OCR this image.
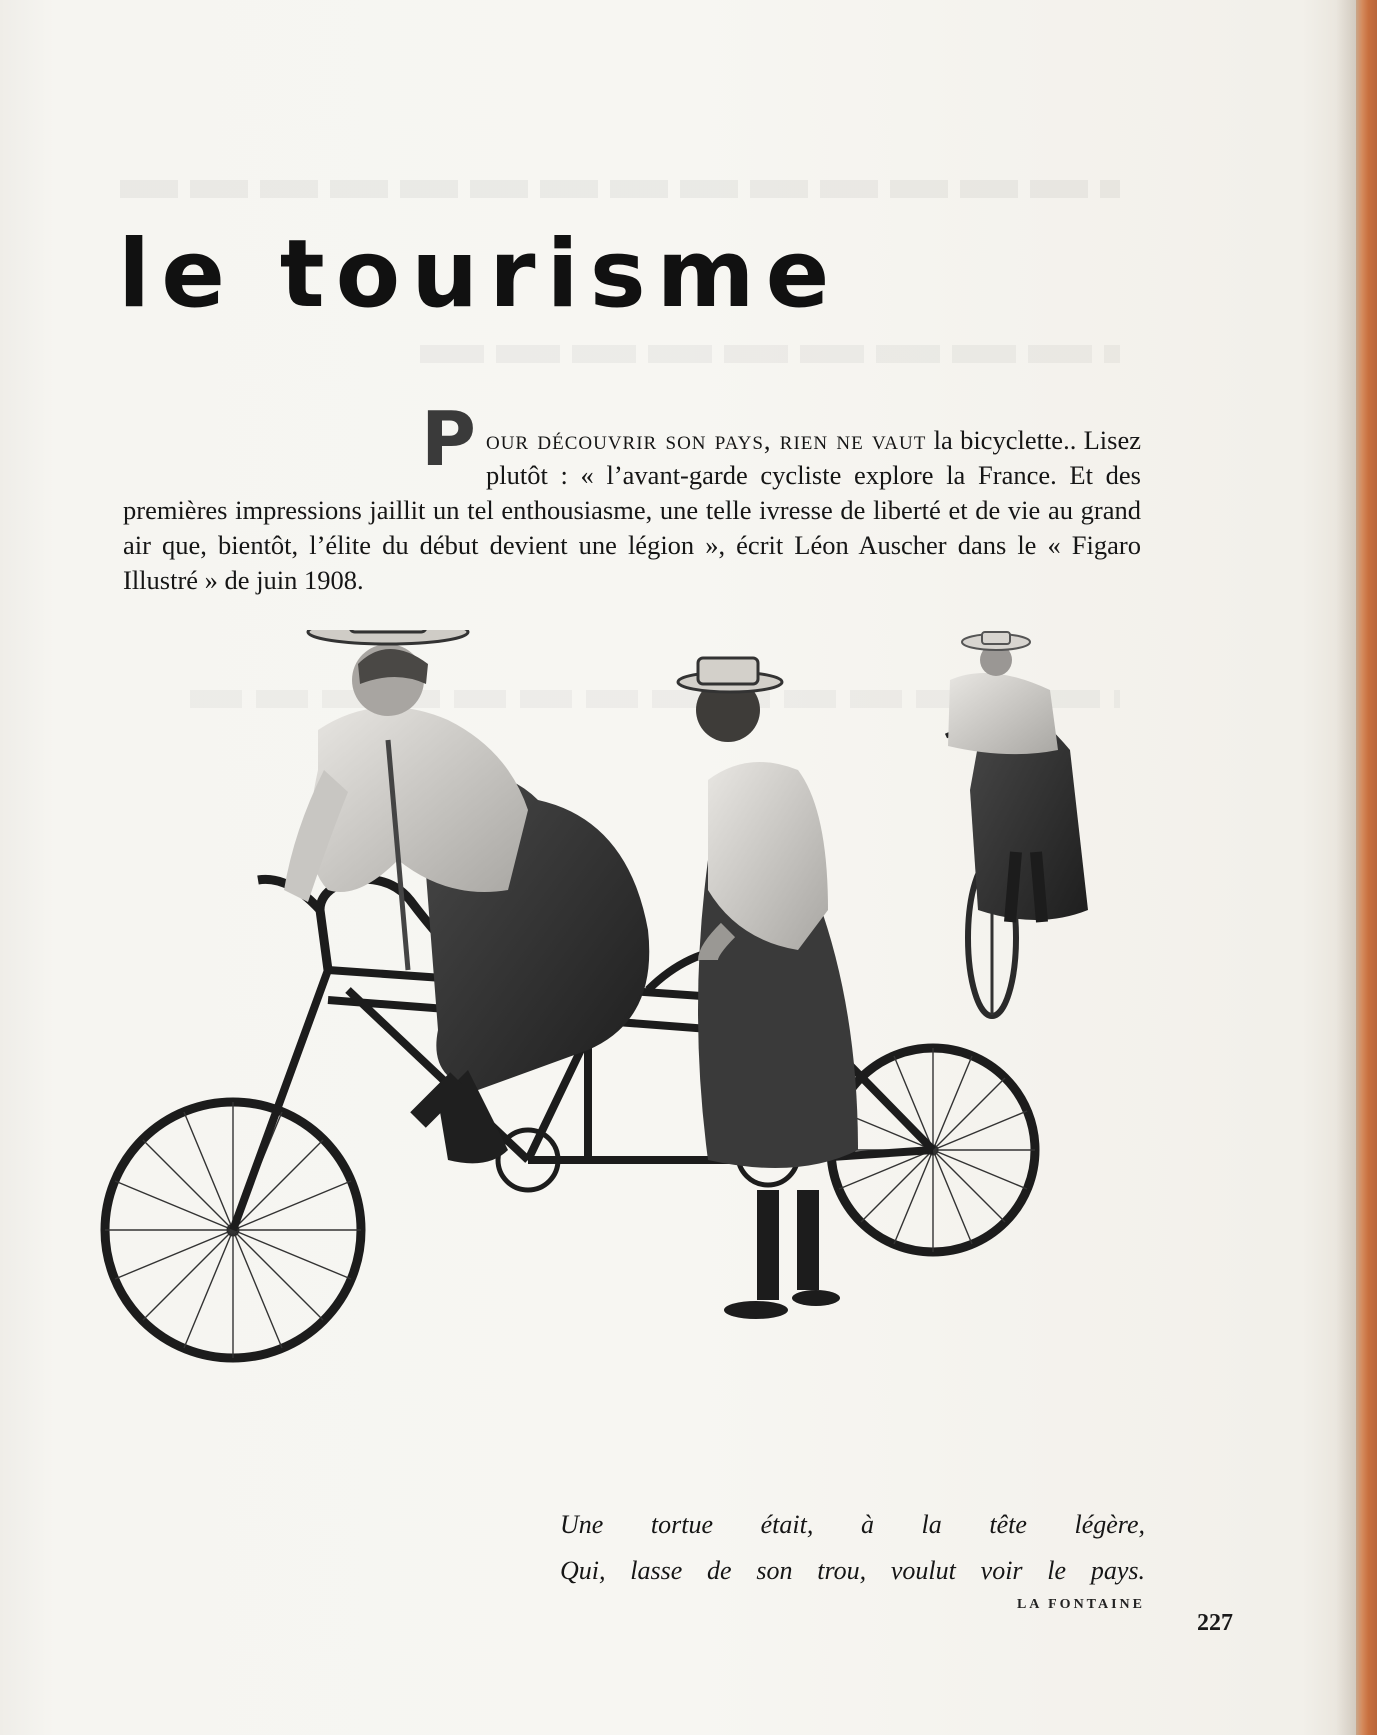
le tourisme

Pour découvrir son pays, rien ne vaut la bicyclette.. Lisez plutôt : « l’avant-garde cycliste explore la France. Et des premières impressions jaillit un tel enthousiasme, une telle ivresse de liberté et de vie au grand air que, bientôt, l’élite du début devient une légion », écrit Léon Auscher dans le « Figaro Illustré » de juin 1908.

Une tortue était, à la tête légère,
Qui, lasse de son trou, voulut voir le pays.

LA FONTAINE

227
